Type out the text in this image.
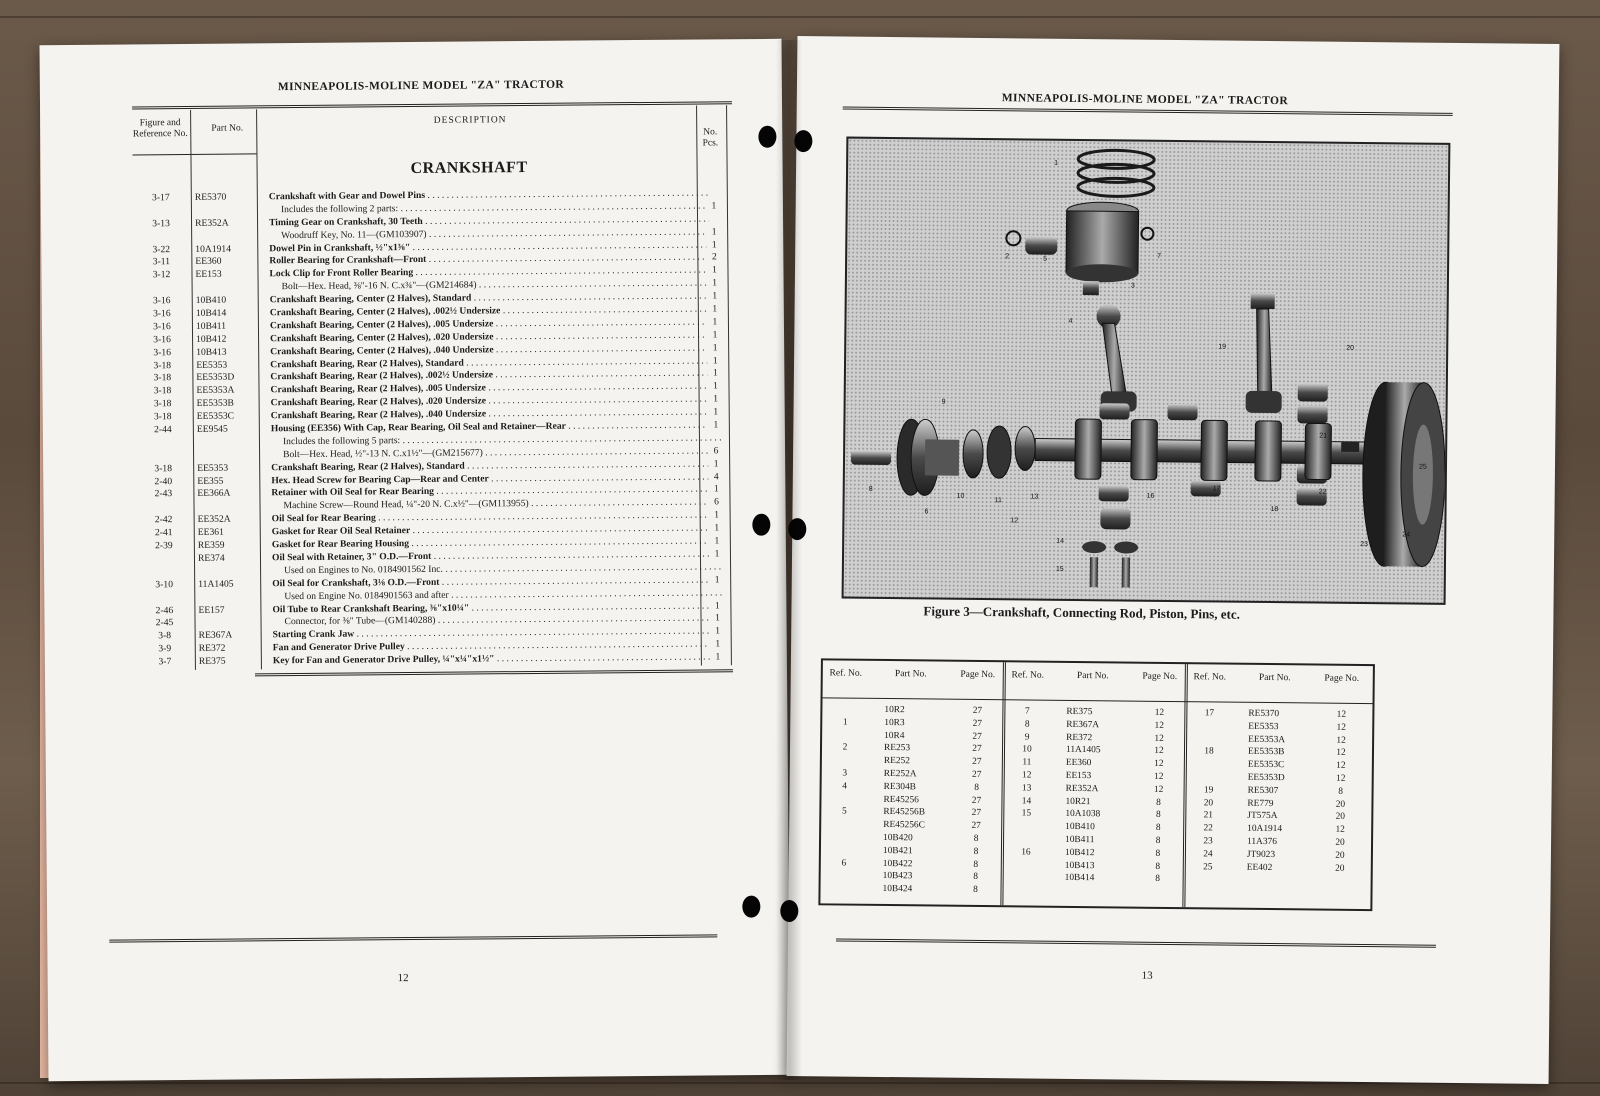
MINNEAPOLIS-MOLINE MODEL "ZA" TRACTOR
Figure and Reference No.
Part No.
DESCRIPTION
No. Pcs.
CRANKSHAFT
3-17	RE5370	Crankshaft with Gear and Dowel Pins . . .
Includes the following 2 parts: . . .	1
3-13	RE352A	Timing Gear on Crankshaft, 30 Teeth . . .
Woodruff Key, No. 11—(GM103907) . . .	1
3-22	10A1914	Dowel Pin in Crankshaft, ½"x1⅜" . . .	1
3-11	EE360	Roller Bearing for Crankshaft—Front . . .	2
3-12	EE153	Lock Clip for Front Roller Bearing . . .	1
Bolt—Hex. Head, ⅜"-16 N. C.x¾"—(GM214684) . . .	1
3-16	10B410	Crankshaft Bearing, Center (2 Halves), Standard . . .	1
3-16	10B414	Crankshaft Bearing, Center (2 Halves), .002½ Undersize . . .	1
3-16	10B411	Crankshaft Bearing, Center (2 Halves), .005 Undersize . . .	1
3-16	10B412	Crankshaft Bearing, Center (2 Halves), .020 Undersize . . .	1
3-16	10B413	Crankshaft Bearing, Center (2 Halves), .040 Undersize . . .	1
3-18	EE5353	Crankshaft Bearing, Rear (2 Halves), Standard . . .	1
3-18	EE5353D	Crankshaft Bearing, Rear (2 Halves), .002½ Undersize . . .	1
3-18	EE5353A	Crankshaft Bearing, Rear (2 Halves), .005 Undersize . . .	1
3-18	EE5353B	Crankshaft Bearing, Rear (2 Halves), .020 Undersize . . .	1
3-18	EE5353C	Crankshaft Bearing, Rear (2 Halves), .040 Undersize . . .	1
2-44	EE9545	Housing (EE356) With Cap, Rear Bearing, Oil Seal and Retainer—Rear . . .	1
Includes the following 5 parts: . . .
Bolt—Hex. Head, ½"-13 N. C.x1½"—(GM215677) . . .	6
3-18	EE5353	Crankshaft Bearing, Rear (2 Halves), Standard . . .	1
2-40	EE355	Hex. Head Screw for Bearing Cap—Rear and Center . . .	4
2-43	EE366A	Retainer with Oil Seal for Rear Bearing . . .	1
Machine Screw—Round Head, ¼"-20 N. C.x½"—(GM113955) . . .	6
2-42	EE352A	Oil Seal for Rear Bearing . . .	1
2-41	EE361	Gasket for Rear Oil Seal Retainer . . .	1
2-39	RE359	Gasket for Rear Bearing Housing . . .	1
RE374	Oil Seal with Retainer, 3" O.D.—Front . . .	1
Used on Engines to No. 0184901562 Inc. . . .
3-10	11A1405	Oil Seal for Crankshaft, 3⅛ O.D.—Front . . .	1
Used on Engine No. 0184901563 and after . . .
2-46	EE157	Oil Tube to Rear Crankshaft Bearing, ⅜"x10¼" . . .	1
2-45	Connector, for ⅜" Tube—(GM140288) . . .	1
3-8	RE367A	Starting Crank Jaw . . .	1
3-9	RE372	Fan and Generator Drive Pulley . . .	1
3-7	RE375	Key for Fan and Generator Drive Pulley, ¼"x¼"x1½" . . .	1
12
MINNEAPOLIS-MOLINE MODEL "ZA" TRACTOR
1
2
3
4
5
6
7
8
9
10
11
12
13
14
15
16
17
18
19	20
21
22
23
24
25
Figure 3—Crankshaft, Connecting Rod, Piston, Pins, etc.
Ref. No.	Part No.	Page No.
10R2	27
1	10R3	27
10R4	27
2	RE253	27
RE252	27
3	RE252A	27
4	RE304B	8
RE45256	27
5	RE45256B	27
RE45256C	27
10B420	8
10B421	8
6	10B422	8
10B423	8
10B424	8
Ref. No.	Part No.	Page No.
7	RE375	12
8	RE367A	12
9	RE372	12
10	11A1405	12
11	EE360	12
12	EE153	12
13	RE352A	12
14	10R21	8
15	10A1038	8
10B410	8
10B411	8
16	10B412	8
10B413	8
10B414	8
Ref. No.	Part No.	Page No.
17	RE5370	12
EE5353	12
EE5353A	12
18	EE5353B	12
EE5353C	12
EE5353D	12
19	RE5307	8
20	RE779	20
21	JT575A	20
22	10A1914	12
23	11A376	20
24	JT9023	20
25	EE402	20
13
